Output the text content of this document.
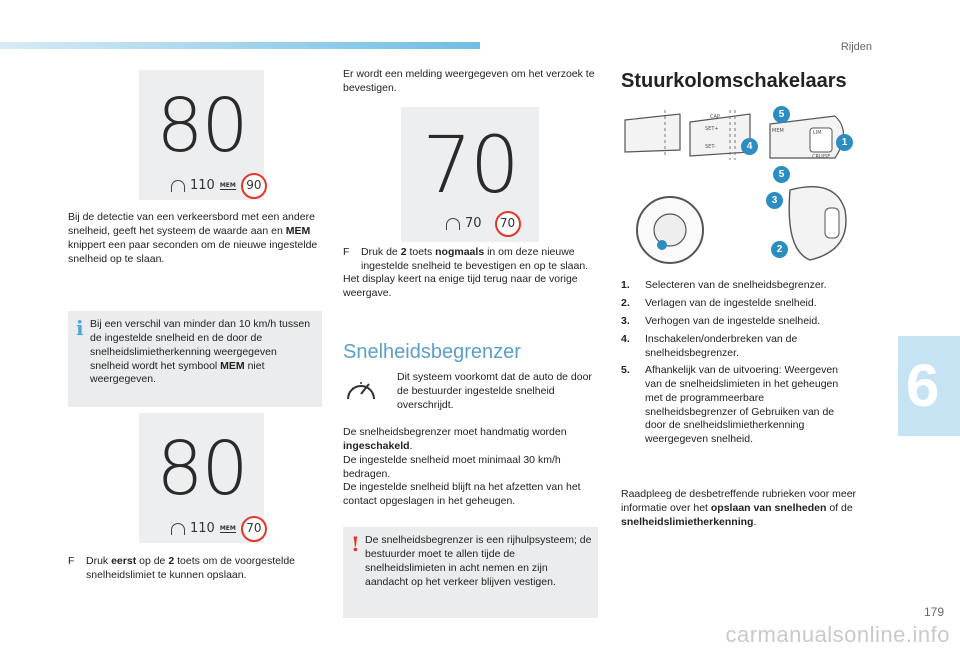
Rijden
6
179
carmanualsonline.info
80
110 MEM 90

Bij de detectie van een verkeersbord met een andere snelheid, geeft het systeem de waarde aan en MEM knippert een paar seconden om de nieuwe ingestelde snelheid op te slaan.

i Bij een verschil van minder dan 10 km/h tussen de ingestelde snelheid en de door de snelheidslimietherkenning weergegeven snelheid wordt het symbool MEM niet weergegeven.

80
110 MEM 70

F Druk eerst op de 2 toets om de voorgestelde snelheidslimiet te kunnen opslaan.

Er wordt een melding weergegeven om het verzoek te bevestigen.

70
70	70

F Druk de 2 toets nogmaals in om deze nieuwe ingestelde snelheid te bevestigen en op te slaan.

Het display keert na enige tijd terug naar de vorige weergave.

Snelheidsbegrenzer

Dit systeem voorkomt dat de auto de door de bestuurder ingestelde snelheid overschrijdt.

De snelheidsbegrenzer moet handmatig worden ingeschakeld.
De ingestelde snelheid moet minimaal 30 km/h bedragen.
De ingestelde snelheid blijft na het afzetten van het contact opgeslagen in het geheugen.

! De snelheidsbegrenzer is een rijhulpsysteem; de bestuurder moet te allen tijde de snelheidslimieten in acht nemen en zijn aandacht op het verkeer blijven vestigen.

Stuurkolomschakelaars
SET+
SET-
CAP
MEM	LIM
CRUISE
5
1
4
5
3
2
1.	Selecteren van de snelheidsbegrenzer.
2.	Verlagen van de ingestelde snelheid.
3.	Verhogen van de ingestelde snelheid.
4.	Inschakelen/onderbreken van de snelheidsbegrenzer.
5.	Afhankelijk van de uitvoering: Weergeven van de snelheidslimieten in het geheugen met de programmeerbare snelheidsbegrenzer of Gebruiken van de door de snelheidslimietherkenning weergegeven snelheid.

Raadpleeg de desbetreffende rubrieken voor meer informatie over het opslaan van snelheden of de snelheidslimietherkenning.
